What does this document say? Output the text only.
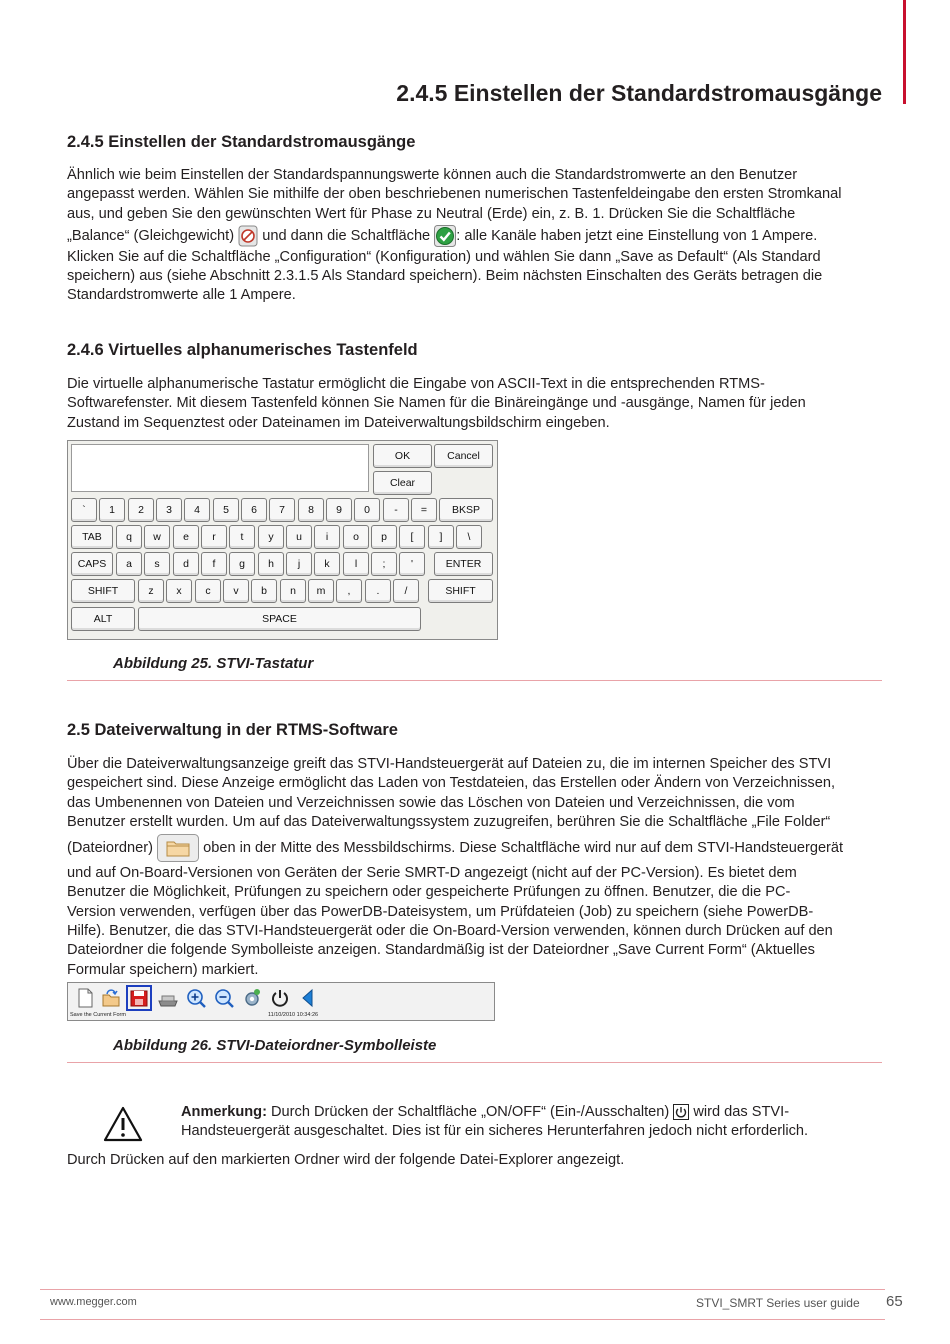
2.4.5 Einstellen der Standardstromausgänge
2.4.5 Einstellen der Standardstromausgänge
Ähnlich wie beim Einstellen der Standardspannungswerte können auch die Standardstromwerte an den Benutzer
angepasst werden. Wählen Sie mithilfe der oben beschriebenen numerischen Tastenfeldeingabe den ersten Stromkanal
aus, und geben Sie den gewünschten Wert für Phase zu Neutral (Erde) ein, z. B. 1. Drücken Sie die Schaltfläche
„Balance“ (Gleichgewicht) und dann die Schaltfläche : alle Kanäle haben jetzt eine Einstellung von 1 Ampere.
Klicken Sie auf die Schaltfläche „Configuration“ (Konfiguration) und wählen Sie dann „Save as Default“ (Als Standard
speichern) aus (siehe Abschnitt 2.3.1.5 Als Standard speichern). Beim nächsten Einschalten des Geräts betragen die
Standardstromwerte alle 1 Ampere.
2.4.6 Virtuelles alphanumerisches Tastenfeld
Die virtuelle alphanumerische Tastatur ermöglicht die Eingabe von ASCII-Text in die entsprechenden RTMS-
Softwarefenster. Mit diesem Tastenfeld können Sie Namen für die Binäreingänge und -ausgänge, Namen für jeden
Zustand im Sequenztest oder Dateinamen im Dateiverwaltungsbildschirm eingeben.
OK	Cancel
Clear
`	1	2	3	4	5	6	7	8	9	0	-	=	BKSP
TAB	q	w	e	r	t	y	u	i	o	p	[	]	\
CAPS	a	s	d	f	g	h	j	k	l	;	'	ENTER
SHIFT	z	x	c	v	b	n	m	,	.	/	SHIFT
ALT	SPACE
Abbildung 25. STVI-Tastatur
2.5 Dateiverwaltung in der RTMS-Software
Über die Dateiverwaltungsanzeige greift das STVI-Handsteuergerät auf Dateien zu, die im internen Speicher des STVI
gespeichert sind. Diese Anzeige ermöglicht das Laden von Testdateien, das Erstellen oder Ändern von Verzeichnissen,
das Umbenennen von Dateien und Verzeichnissen sowie das Löschen von Dateien und Verzeichnissen, die vom
Benutzer erstellt wurden. Um auf das Dateiverwaltungssystem zuzugreifen, berühren Sie die Schaltfläche „File Folder“
(Dateiordner)	oben in der Mitte des Messbildschirms. Diese Schaltfläche wird nur auf dem STVI-Handsteuergerät
und auf On-Board-Versionen von Geräten der Serie SMRT-D angezeigt (nicht auf der PC-Version). Es bietet dem
Benutzer die Möglichkeit, Prüfungen zu speichern oder gespeicherte Prüfungen zu öffnen. Benutzer, die die PC-
Version verwenden, verfügen über das PowerDB-Dateisystem, um Prüfdateien (Job) zu speichern (siehe PowerDB-
Hilfe). Benutzer, die das STVI-Handsteuergerät oder die On-Board-Version verwenden, können durch Drücken auf den
Dateiordner die folgende Symbolleiste anzeigen. Standardmäßig ist der Dateiordner „Save Current Form“ (Aktuelles
Formular speichern) markiert.
Save the Current Form	11/10/2010 10:34:26
Abbildung 26. STVI-Dateiordner-Symbolleiste
Anmerkung: Durch Drücken der Schaltfläche „ON/OFF“ (Ein-/Ausschalten) wird das STVI-
Handsteuergerät ausgeschaltet. Dies ist für ein sicheres Herunterfahren jedoch nicht erforderlich.
Durch Drücken auf den markierten Ordner wird der folgende Datei-Explorer angezeigt.
www.megger.com	STVI_SMRT Series user guide 65
